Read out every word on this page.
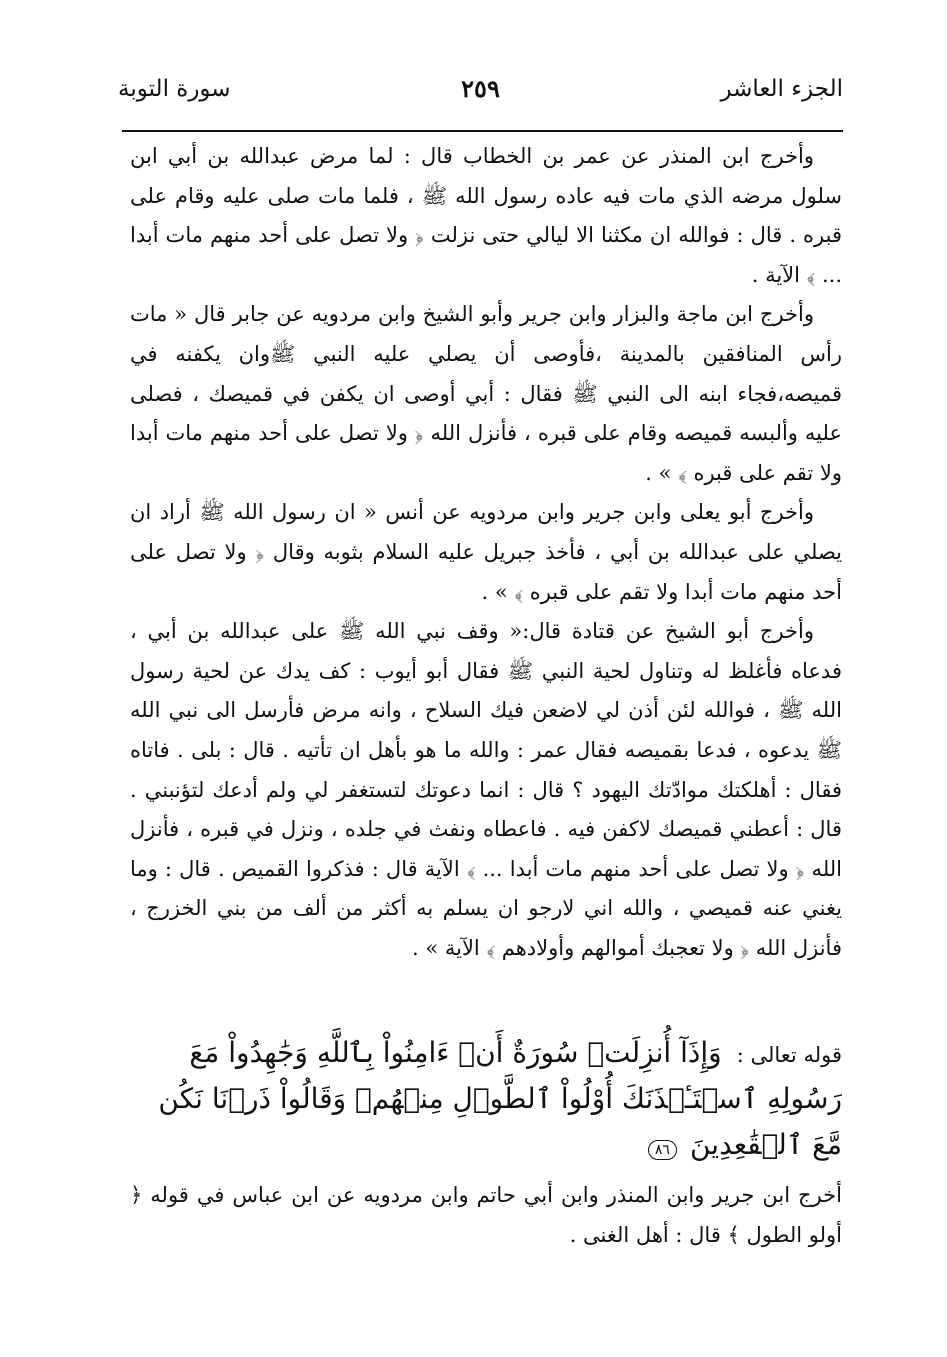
الجزء العاشر
٢٥٩
سورة التوبة

وأخرج ابن المنذر عن عمر بن الخطاب قال : لما مرض عبدالله بن أبي ابن سلول مرضه الذي مات فيه عاده رسول الله ﷺ ، فلما مات صلى عليه وقام على قبره . قال : فوالله ان مكثنا الا ليالي حتى نزلت ﴿ ولا تصل على أحد منهم مات أبدا ... ﴾ الآية .

وأخرج ابن ماجة والبزار وابن جرير وأبو الشيخ وابن مردويه عن جابر قال « مات رأس المنافقين بالمدينة ،فأوصى أن يصلي عليه النبي ﷺوان يكفنه في قميصه،فجاء ابنه الى النبي ﷺ فقال : أبي أوصى ان يكفن في قميصك ، فصلى عليه وألبسه قميصه وقام على قبره ، فأنزل الله ﴿ ولا تصل على أحد منهم مات أبدا ولا تقم على قبره ﴾ » .

وأخرج أبو يعلى وابن جرير وابن مردويه عن أنس « ان رسول الله ﷺ أراد ان يصلي على عبدالله بن أبي ، فأخذ جبريل عليه السلام بثوبه وقال ﴿ ولا تصل على أحد منهم مات أبدا ولا تقم على قبره ﴾ » .

وأخرج أبو الشيخ عن قتادة قال:« وقف نبي الله ﷺ على عبدالله بن أبي ، فدعاه فأغلظ له وتناول لحية النبي ﷺ فقال أبو أيوب : كف يدك عن لحية رسول الله ﷺ ، فوالله لئن أذن لي لاضعن فيك السلاح ، وانه مرض فأرسل الى نبي الله ﷺ يدعوه ، فدعا بقميصه فقال عمر : والله ما هو بأهل ان تأتيه . قال : بلى . فاتاه فقال : أهلكتك موادّتك اليهود ؟ قال : انما دعوتك لتستغفر لي ولم أدعك لتؤنبني . قال : أعطني قميصك لاكفن فيه . فاعطاه ونفث في جلده ، ونزل في قبره ، فأنزل الله ﴿ ولا تصل على أحد منهم مات أبدا ... ﴾ الآية قال : فذكروا القميص . قال : وما يغني عنه قميصي ، والله اني لارجو ان يسلم به أكثر من ألف من بني الخزرج ، فأنزل الله ﴿ ولا تعجبك أموالهم وأولادهم ﴾ الآية » .

قوله تعالى : وَإِذَآ أُنزِلَتۡ سُورَةٌ أَنۡ ءَامِنُواْ بِٱللَّهِ وَجَٰهِدُواْ مَعَ رَسُولِهِ ٱسۡتَـٔۡذَنَكَ أُوْلُواْ ٱلطَّوۡلِ مِنۡهُمۡ وَقَالُواْ ذَرۡنَا نَكُن مَّعَ ٱلۡقَٰعِدِينَ ٨٦
أخرج ابن جرير وابن المنذر وابن أبي حاتم وابن مردويه عن ابن عباس في قوله ﴿ أولو الطول ﴾ قال : أهل الغنى .
